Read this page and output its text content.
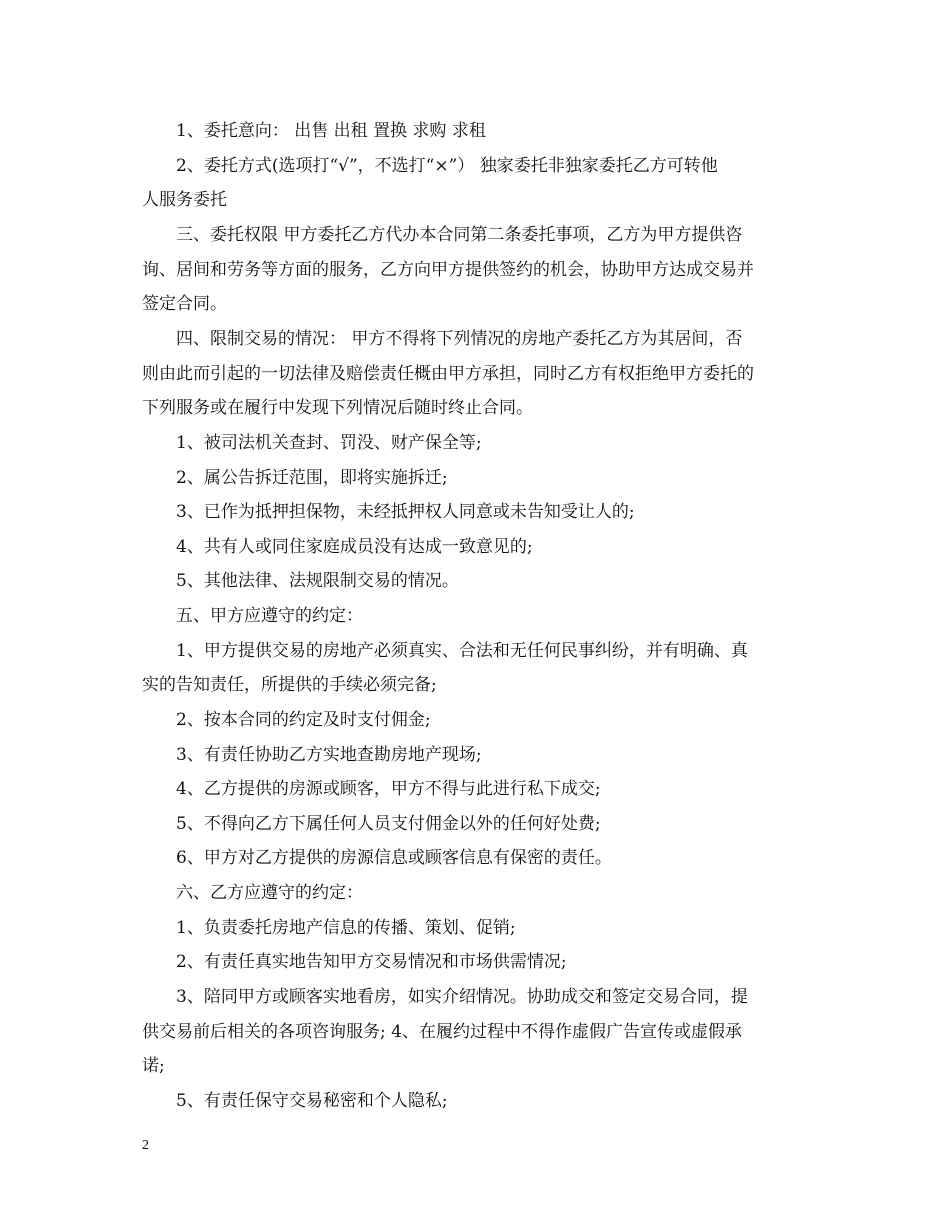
1、委托意向： 出售 出租 置换 求购 求租

2、委托方式(选项打“√”，不选打“×”） 独家委托非独家委托乙方可转他

人服务委托

三、委托权限 甲方委托乙方代办本合同第二条委托事项，乙方为甲方提供咨

询、居间和劳务等方面的服务，乙方向甲方提供签约的机会，协助甲方达成交易并

签定合同。

四、限制交易的情况： 甲方不得将下列情况的房地产委托乙方为其居间，否

则由此而引起的一切法律及赔偿责任概由甲方承担，同时乙方有权拒绝甲方委托的

下列服务或在履行中发现下列情况后随时终止合同。

1、被司法机关查封、罚没、财产保全等;

2、属公告拆迁范围，即将实施拆迁;

3、已作为抵押担保物，未经抵押权人同意或未告知受让人的;

4、共有人或同住家庭成员没有达成一致意见的;

5、其他法律、法规限制交易的情况。

五、甲方应遵守的约定：

1、甲方提供交易的房地产必须真实、合法和无任何民事纠纷，并有明确、真

实的告知责任，所提供的手续必须完备;

2、按本合同的约定及时支付佣金;

3、有责任协助乙方实地查勘房地产现场;

4、乙方提供的房源或顾客，甲方不得与此进行私下成交;

5、不得向乙方下属任何人员支付佣金以外的任何好处费;

6、甲方对乙方提供的房源信息或顾客信息有保密的责任。

六、乙方应遵守的约定：

1、负责委托房地产信息的传播、策划、促销;

2、有责任真实地告知甲方交易情况和市场供需情况;

3、陪同甲方或顾客实地看房，如实介绍情况。协助成交和签定交易合同，提

供交易前后相关的各项咨询服务; 4、在履约过程中不得作虚假广告宣传或虚假承

诺;

5、有责任保守交易秘密和个人隐私;

2
